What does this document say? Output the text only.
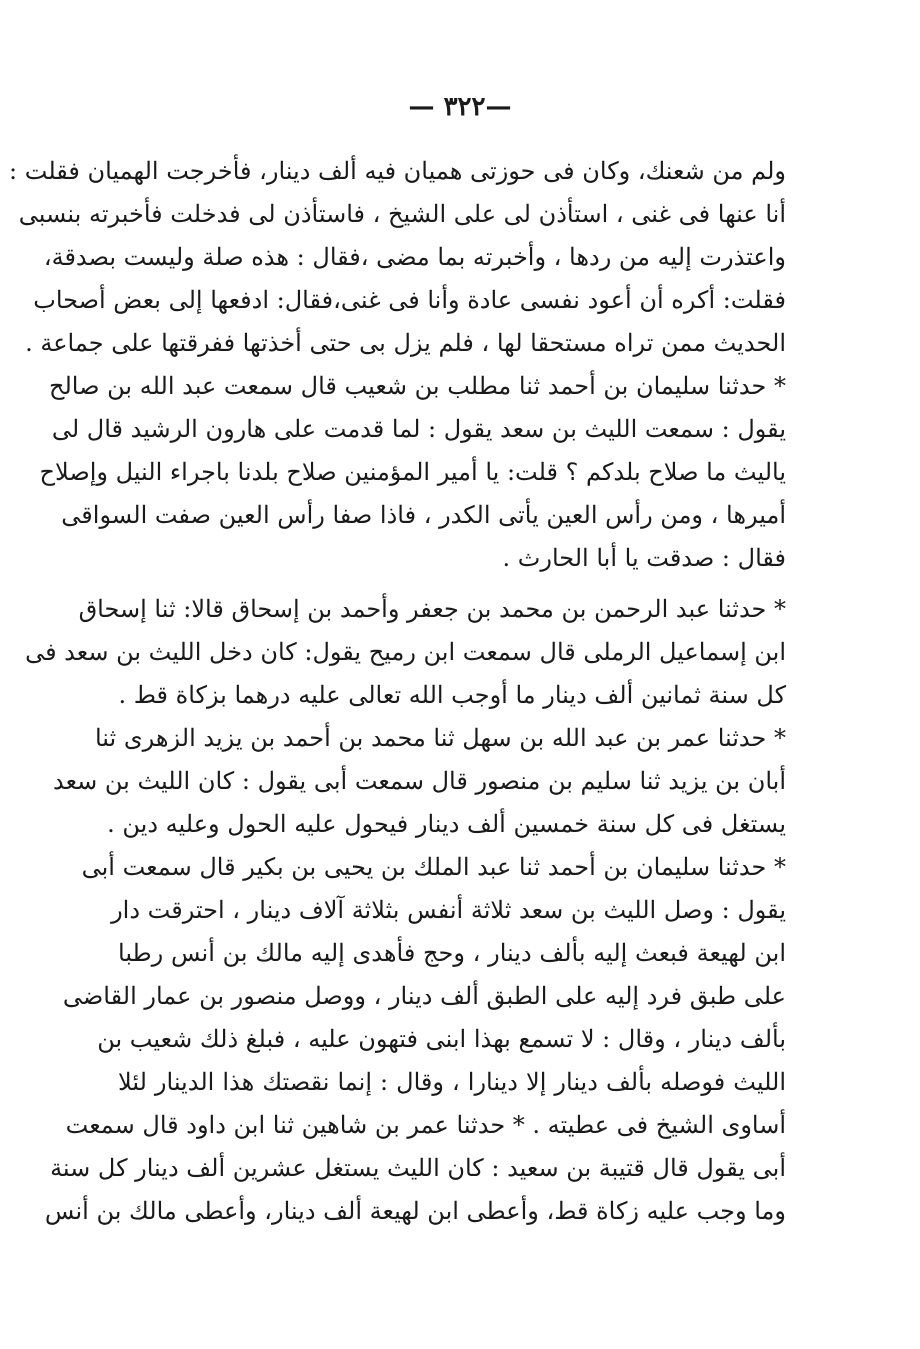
— ٣٢٢—
ولم من شعنك، وكان فى حوزتى هميان فيه ألف دينار، فأخرجت الهميان فقلت :
أنا عنها فى غنى ، استأذن لى على الشيخ ، فاستأذن لى فدخلت فأخبرته بنسبى
واعتذرت إليه من ردها ، وأخبرته بما مضى ،فقال : هذه صلة وليست بصدقة،
فقلت: أكره أن أعود نفسى عادة وأنا فى غنى،فقال: ادفعها إلى بعض أصحاب
الحديث ممن تراه مستحقا لها ، فلم يزل بى حتى أخذتها ففرقتها على جماعة .
* حدثنا سليمان بن أحمد ثنا مطلب بن شعيب قال سمعت عبد الله بن صالح
يقول : سمعت الليث بن سعد يقول : لما قدمت على هارون الرشيد قال لى
ياليث ما صلاح بلدكم ؟ قلت: يا أمير المؤمنين صلاح بلدنا باجراء النيل وإصلاح
أميرها ، ومن رأس العين يأتى الكدر ، فاذا صفا رأس العين صفت السواقى
فقال : صدقت يا أبا الحارث .
* حدثنا عبد الرحمن بن محمد بن جعفر وأحمد بن إسحاق قالا: ثنا إسحاق
ابن إسماعيل الرملى قال سمعت ابن رميح يقول: كان دخل الليث بن سعد فى
كل سنة ثمانين ألف دينار ما أوجب الله تعالى عليه درهما بزكاة قط .
* حدثنا عمر بن عبد الله بن سهل ثنا محمد بن أحمد بن يزيد الزهرى ثنا
أبان بن يزيد ثنا سليم بن منصور قال سمعت أبى يقول : كان الليث بن سعد
يستغل فى كل سنة خمسين ألف دينار فيحول عليه الحول وعليه دين .
* حدثنا سليمان بن أحمد ثنا عبد الملك بن يحيى بن بكير قال سمعت أبى
يقول : وصل الليث بن سعد ثلاثة أنفس بثلاثة آلاف دينار ، احترقت دار
ابن لهيعة فبعث إليه بألف دينار ، وحج فأهدى إليه مالك بن أنس رطبا
على طبق فرد إليه على الطبق ألف دينار ، ووصل منصور بن عمار القاضى
بألف دينار ، وقال : لا تسمع بهذا ابنى فتهون عليه ، فبلغ ذلك شعيب بن
الليث فوصله بألف دينار إلا دينارا ، وقال : إنما نقصتك هذا الدينار لئلا
أساوى الشيخ فى عطيته . * حدثنا عمر بن شاهين ثنا ابن داود قال سمعت
أبى يقول قال قتيبة بن سعيد : كان الليث يستغل عشرين ألف دينار كل سنة
وما وجب عليه زكاة قط، وأعطى ابن لهيعة ألف دينار، وأعطى مالك بن أنس
